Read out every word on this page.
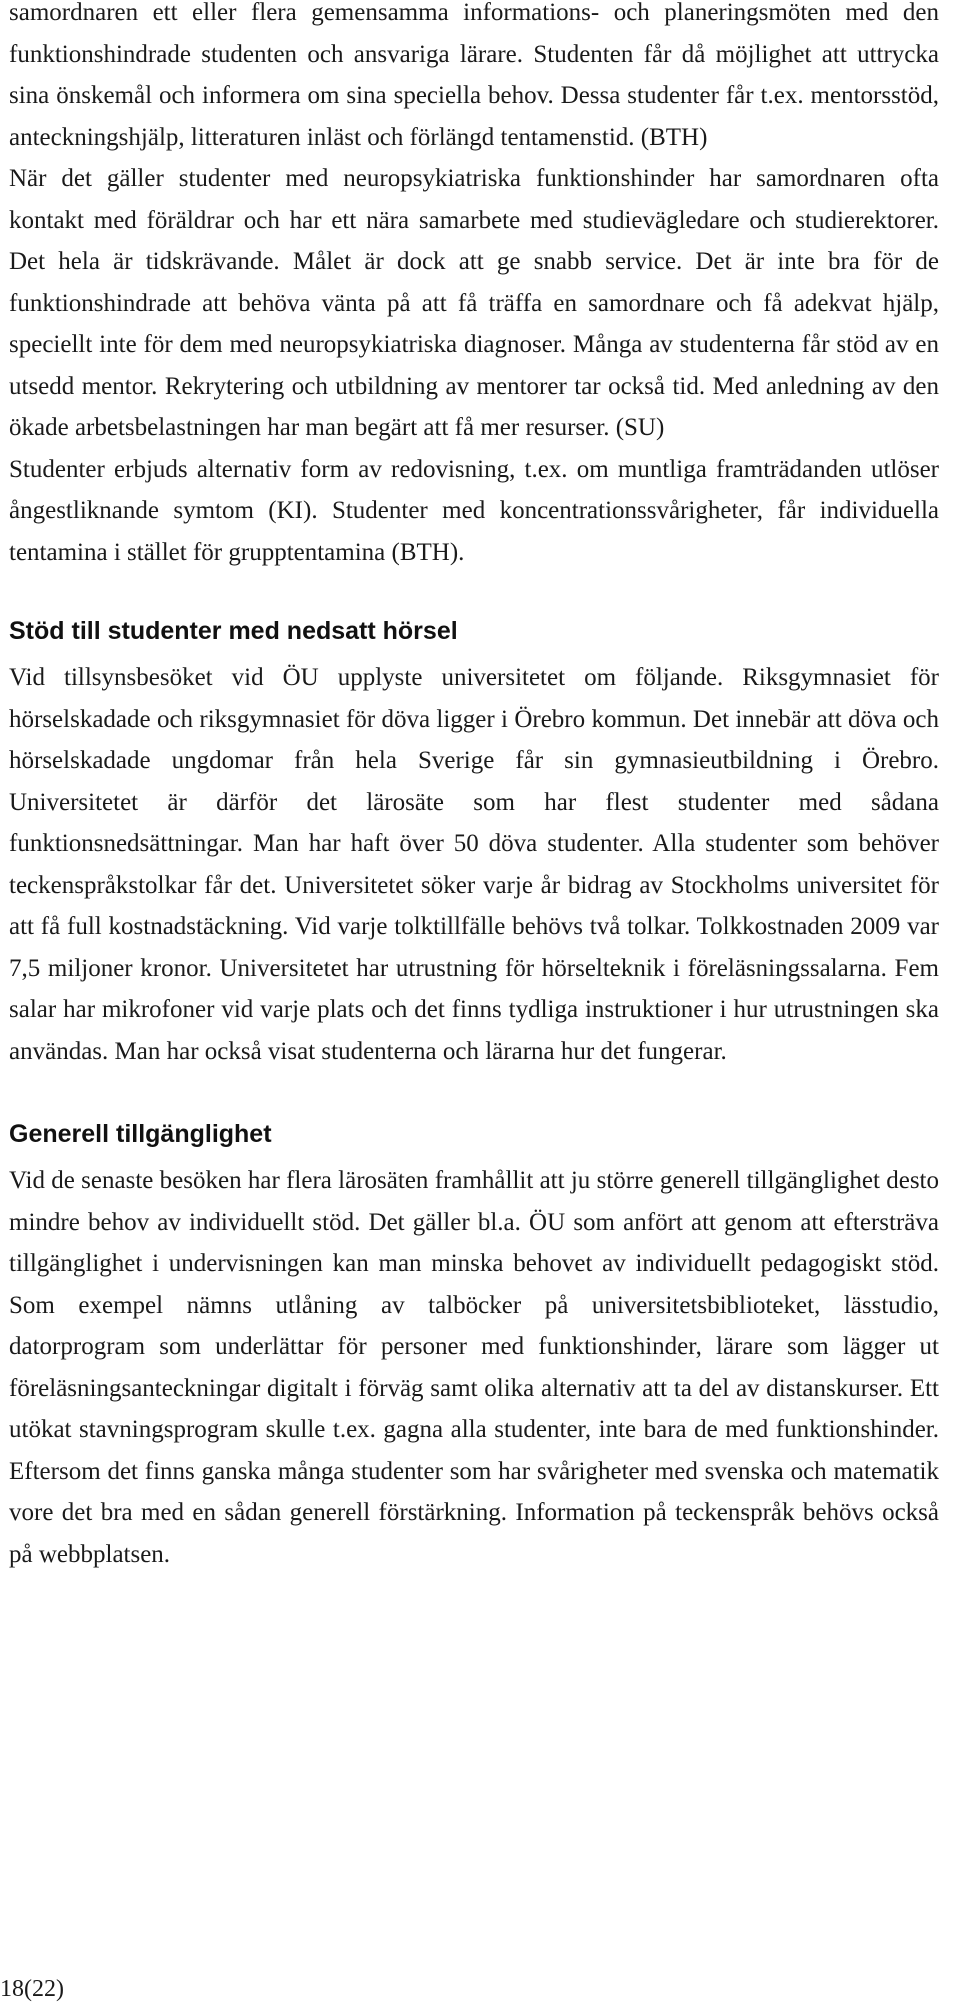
samordnaren ett eller flera gemensamma informations- och planeringsmöten med den funktionshindrade studenten och ansvariga lärare. Studenten får då möjlighet att uttrycka sina önskemål och informera om sina speciella behov. Dessa studenter får t.ex. mentorsstöd, anteckningshjälp, litteraturen inläst och förlängd tentamenstid. (BTH)

När det gäller studenter med neuropsykiatriska funktionshinder har samordnaren ofta kontakt med föräldrar och har ett nära samarbete med studievägledare och studierektorer. Det hela är tidskrävande. Målet är dock att ge snabb service. Det är inte bra för de funktionshindrade att behöva vänta på att få träffa en samordnare och få adekvat hjälp, speciellt inte för dem med neuropsykiatriska diagnoser. Många av studenterna får stöd av en utsedd mentor. Rekrytering och utbildning av mentorer tar också tid. Med anledning av den ökade arbetsbelastningen har man begärt att få mer resurser. (SU)

Studenter erbjuds alternativ form av redovisning, t.ex. om muntliga framträdanden utlöser ångestliknande symtom (KI). Studenter med koncentrationssvårigheter, får individuella tentamina i stället för grupptentamina (BTH).

Stöd till studenter med nedsatt hörsel

Vid tillsynsbesöket vid ÖU upplyste universitetet om följande. Riksgymnasiet för hörselskadade och riksgymnasiet för döva ligger i Örebro kommun. Det innebär att döva och hörselskadade ungdomar från hela Sverige får sin gymnasieutbildning i Örebro. Universitetet är därför det lärosäte som har flest studenter med sådana funktionsnedsättningar. Man har haft över 50 döva studenter. Alla studenter som behöver teckenspråkstolkar får det. Universitetet söker varje år bidrag av Stockholms universitet för att få full kostnadstäckning. Vid varje tolktillfälle behövs två tolkar. Tolkkostnaden 2009 var 7,5 miljoner kronor. Universitetet har utrustning för hörselteknik i föreläsningssalarna. Fem salar har mikrofoner vid varje plats och det finns tydliga instruktioner i hur utrustningen ska användas. Man har också visat studenterna och lärarna hur det fungerar.

Generell tillgänglighet

Vid de senaste besöken har flera lärosäten framhållit att ju större generell tillgänglighet desto mindre behov av individuellt stöd. Det gäller bl.a. ÖU som anfört att genom att eftersträva tillgänglighet i undervisningen kan man minska behovet av individuellt pedagogiskt stöd. Som exempel nämns utlåning av talböcker på universitetsbiblioteket, lässtudio, datorprogram som underlättar för personer med funktionshinder, lärare som lägger ut föreläsningsanteckningar digitalt i förväg samt olika alternativ att ta del av distanskurser. Ett utökat stavningsprogram skulle t.ex. gagna alla studenter, inte bara de med funktionshinder. Eftersom det finns ganska många studenter som har svårigheter med svenska och matematik vore det bra med en sådan generell förstärkning. Information på teckenspråk behövs också på webbplatsen.

18(22)
